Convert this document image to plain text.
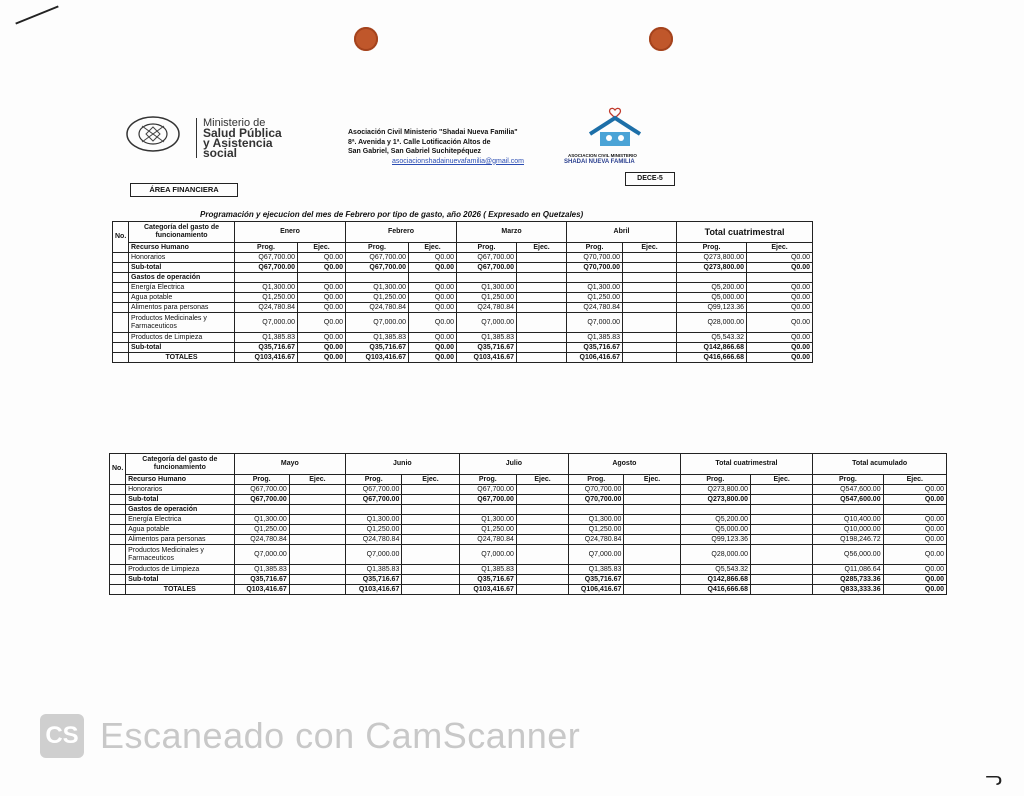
Ministerio de
Salud Pública
y Asistencia
social
Asociación Civil Ministerio "Shadai Nueva Familia"
8ª. Avenida y 1ª. Calle Lotificación Altos de
San Gabriel, San Gabriel Suchitepéquez
asociacionshadainuevafamilia@gmail.com
ASOCIACION CIVIL MINISTERIO
SHADAI NUEVA FAMILIA
DECE-5
ÁREA FINANCIERA
Programación y ejecucion del mes de Febrero por tipo de gasto, año 2026 ( Expresado en Quetzales)
No.	Categoría del gasto de funcionamiento	Enero		Febrero		Marzo		Abril		Total cuatrimestral	
	Recurso Humano	Prog.	Ejec.	Prog.	Ejec.	Prog.	Ejec.	Prog.	Ejec.	Prog.	Ejec.
	Honorarios	Q67,700.00	Q0.00	Q67,700.00	Q0.00	Q67,700.00		Q70,700.00		Q273,800.00	Q0.00
	Sub-total	Q67,700.00	Q0.00	Q67,700.00	Q0.00	Q67,700.00		Q70,700.00		Q273,800.00	Q0.00
	Gastos de operación										
	Energía Electrica	Q1,300.00	Q0.00	Q1,300.00	Q0.00	Q1,300.00		Q1,300.00		Q5,200.00	Q0.00
	Agua potable	Q1,250.00	Q0.00	Q1,250.00	Q0.00	Q1,250.00		Q1,250.00		Q5,000.00	Q0.00
	Alimentos para personas	Q24,780.84	Q0.00	Q24,780.84	Q0.00	Q24,780.84		Q24,780.84		Q99,123.36	Q0.00
	Productos Medicinales y Farmaceuticos	Q7,000.00	Q0.00	Q7,000.00	Q0.00	Q7,000.00		Q7,000.00		Q28,000.00	Q0.00
	Productos de Limpieza	Q1,385.83	Q0.00	Q1,385.83	Q0.00	Q1,385.83		Q1,385.83		Q5,543.32	Q0.00
	Sub-total	Q35,716.67	Q0.00	Q35,716.67	Q0.00	Q35,716.67		Q35,716.67		Q142,866.68	Q0.00
	TOTALES	Q103,416.67	Q0.00	Q103,416.67	Q0.00	Q103,416.67		Q106,416.67		Q416,666.68	Q0.00
No.	Categoría del gasto de funcionamiento	Mayo		Junio		Julio		Agosto		Total cuatrimestral		Total acumulado	
	Recurso Humano	Prog.	Ejec.	Prog.	Ejec.	Prog.	Ejec.	Prog.	Ejec.	Prog.	Ejec.	Prog.	Ejec.
	Honorarios	Q67,700.00		Q67,700.00		Q67,700.00		Q70,700.00		Q273,800.00		Q547,600.00	Q0.00
	Sub-total	Q67,700.00		Q67,700.00		Q67,700.00		Q70,700.00		Q273,800.00		Q547,600.00	Q0.00
	Gastos de operación												
	Energía Electrica	Q1,300.00		Q1,300.00		Q1,300.00		Q1,300.00		Q5,200.00		Q10,400.00	Q0.00
	Agua potable	Q1,250.00		Q1,250.00		Q1,250.00		Q1,250.00		Q5,000.00		Q10,000.00	Q0.00
	Alimentos para personas	Q24,780.84		Q24,780.84		Q24,780.84		Q24,780.84		Q99,123.36		Q198,246.72	Q0.00
	Productos Medicinales y Farmaceuticos	Q7,000.00		Q7,000.00		Q7,000.00		Q7,000.00		Q28,000.00		Q56,000.00	Q0.00
	Productos de Limpieza	Q1,385.83		Q1,385.83		Q1,385.83		Q1,385.83		Q5,543.32		Q11,086.64	Q0.00
	Sub-total	Q35,716.67		Q35,716.67		Q35,716.67		Q35,716.67		Q142,866.68		Q285,733.36	Q0.00
	TOTALES	Q103,416.67		Q103,416.67		Q103,416.67		Q106,416.67		Q416,666.68		Q833,333.36	Q0.00
CS Escaneado con CamScanner
ᓓ
